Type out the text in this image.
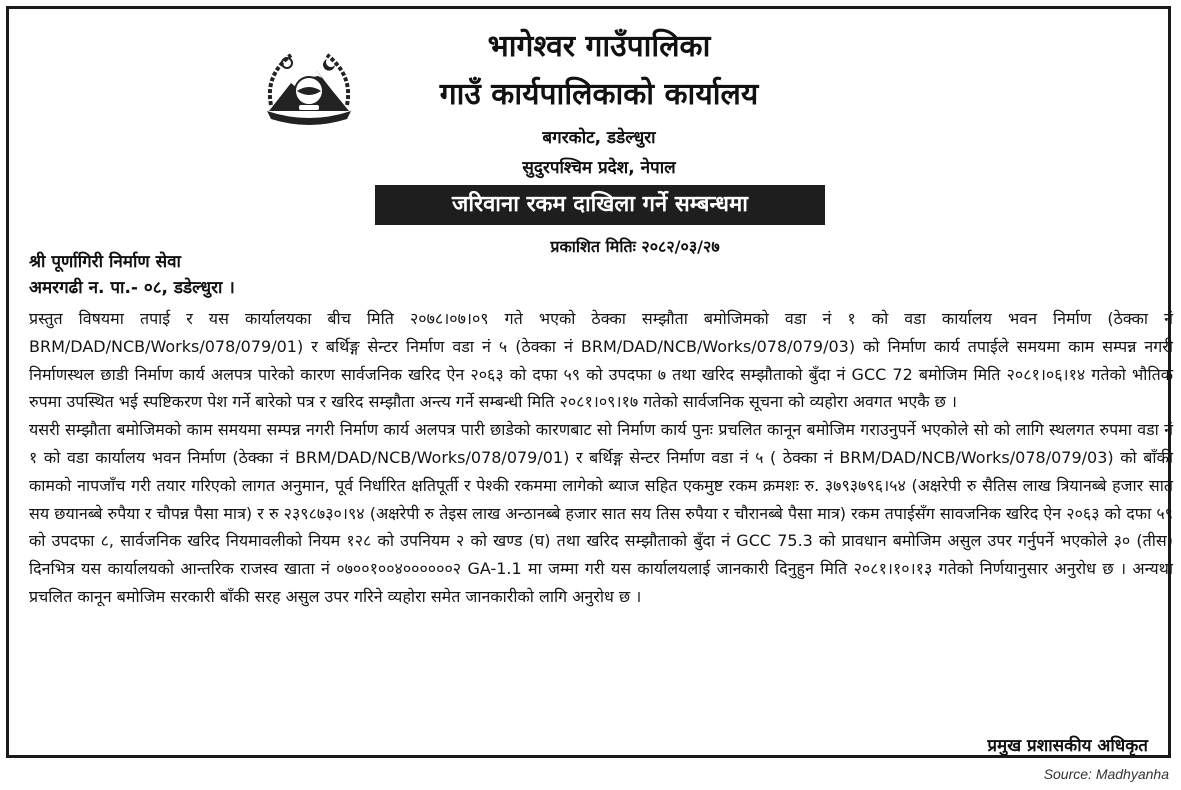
भागेश्वर गाउँपालिका
गाउँ कार्यपालिकाको कार्यालय
बगरकोट, डडेल्धुरा
सुदुरपश्चिम प्रदेश, नेपाल
जरिवाना रकम दाखिला गर्ने सम्बन्धमा
प्रकाशित मितिः २०८२/०३/२७
श्री पूर्णागिरी निर्माण सेवा
अमरगढी न. पा.- ०८, डडेल्धुरा ।

प्रस्तुत विषयमा तपाई र यस कार्यालयका बीच मिति २०७८।०७।०९ गते भएको ठेक्का सम्झौता बमोजिमको वडा नं १ को वडा कार्यालय भवन निर्माण (ठेक्का नं BRM/DAD/NCB/Works/078/079/01) र बर्थिङ्ग सेन्टर निर्माण वडा नं ५ (ठेक्का नं BRM/DAD/NCB/Works/078/079/03) को निर्माण कार्य तपाईले समयमा काम सम्पन्न नगरी निर्माणस्थल छाडी निर्माण कार्य अलपत्र पारेको कारण सार्वजनिक खरिद ऐन २०६३ को दफा ५९ को उपदफा ७ तथा खरिद सम्झौताको बुँदा नं GCC 72 बमोजिम मिति २०८१।०६।१४ गतेको भौतिक रुपमा उपस्थित भई स्पष्टिकरण पेश गर्ने बारेको पत्र र खरिद सम्झौता अन्त्य गर्ने सम्बन्धी मिति २०८१।०९।१७ गतेको सार्वजनिक सूचना को व्यहोरा अवगत भएकै छ ।

यसरी सम्झौता बमोजिमको काम समयमा सम्पन्न नगरी निर्माण कार्य अलपत्र पारी छाडेको कारणबाट सो निर्माण कार्य पुनः प्रचलित कानून बमोजिम गराउनुपर्ने भएकोले सो को लागि स्थलगत रुपमा वडा नं १ को वडा कार्यालय भवन निर्माण (ठेक्का नं BRM/DAD/NCB/Works/078/079/01) र बर्थिङ्ग सेन्टर निर्माण वडा नं ५ ( ठेक्का नं BRM/DAD/NCB/Works/078/079/03) को बाँकी कामको नापजाँच गरी तयार गरिएको लागत अनुमान, पूर्व निर्धारित क्षतिपूर्ती र पेश्की रकममा लागेको ब्याज सहित एकमुष्ट रकम क्रमशः रु. ३७९३७९६।५४ (अक्षरेपी रु सैतिस लाख त्रियानब्बे हजार सात सय छयानब्बे रुपैया र चौपन्न पैसा मात्र) र रु २३९८७३०।९४ (अक्षरेपी रु तेइस लाख अन्ठानब्बे हजार सात सय तिस रुपैया र चौरानब्बे पैसा मात्र) रकम तपाईसँग सावजनिक खरिद ऐन २०६३ को दफा ५९ को उपदफा ८, सार्वजनिक खरिद नियमावलीको नियम १२८ को उपनियम २ को खण्ड (घ) तथा खरिद सम्झौताको बुँदा नं GCC 75.3 को प्रावधान बमोजिम असुल उपर गर्नुपर्ने भएकोले ३० (तीस) दिनभित्र यस कार्यालयको आन्तरिक राजस्व खाता नं ०७००१००४००००००२ GA-1.1 मा जम्मा गरी यस कार्यालयलाई जानकारी दिनुहुन मिति २०८१।१०।१३ गतेको निर्णयानुसार अनुरोध छ । अन्यथा प्रचलित कानून बमोजिम सरकारी बाँकी सरह असुल उपर गरिने व्यहोरा समेत जानकारीको लागि अनुरोध छ ।

प्रमुख प्रशासकीय अधिकृत
Source: Madhyanha
